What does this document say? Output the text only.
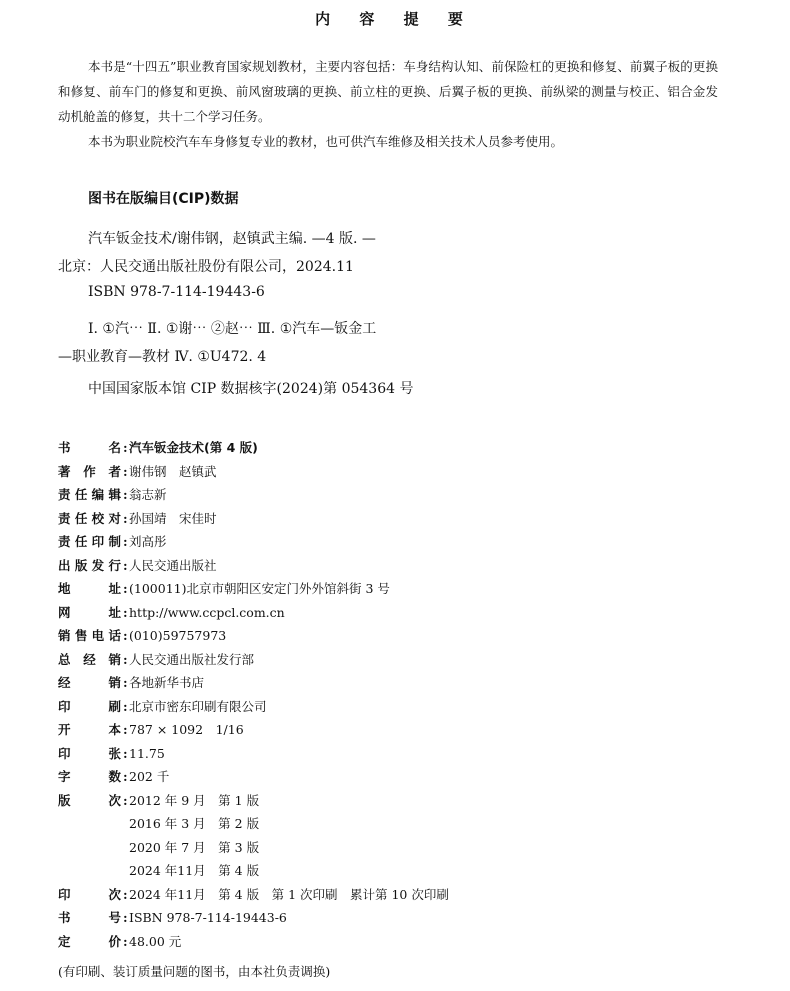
内 容 提 要

本书是“十四五”职业教育国家规划教材，主要内容包括：车身结构认知、前保险杠的更换和修复、前翼子板的更换和修复、前车门的修复和更换、前风窗玻璃的更换、前立柱的更换、后翼子板的更换、前纵梁的测量与校正、铝合金发动机舱盖的修复，共十二个学习任务。

本书为职业院校汽车车身修复专业的教材，也可供汽车维修及相关技术人员参考使用。

图书在版编目(CIP)数据
汽车钣金技术/谢伟钢，赵镇武主编. —4 版. —
北京：人民交通出版社股份有限公司，2024.11
ISBN 978-7-114-19443-6
Ⅰ. ①汽⋯ Ⅱ. ①谢⋯ ②赵⋯ Ⅲ. ①汽车—钣金工
—职业教育—教材 Ⅳ. ①U472. 4
中国国家版本馆 CIP 数据核字(2024)第 054364 号
书名 : 汽车钣金技术(第 4 版)
著作者 : 谢伟钢　赵镇武
责任编辑 : 翁志新
责任校对 : 孙国靖　宋佳时
责任印制 : 刘高彤
出版发行 : 人民交通出版社
地址 : (100011)北京市朝阳区安定门外外馆斜街 3 号
网址 : http://www.ccpcl.com.cn
销售电话 : (010)59757973
总经销 : 人民交通出版社发行部
经销 : 各地新华书店
印刷 : 北京市密东印刷有限公司
开本 : 787 × 1092　1/16
印张 : 11.75
字数 : 202 千
版次 : 2012 年 9 月　第 1 版
2016 年 3 月　第 2 版
2020 年 7 月　第 3 版
2024 年11月　第 4 版
印次 : 2024 年11月　第 4 版　第 1 次印刷　累计第 10 次印刷
书号 : ISBN 978-7-114-19443-6
定价 : 48.00 元
(有印刷、装订质量问题的图书，由本社负责调换)
